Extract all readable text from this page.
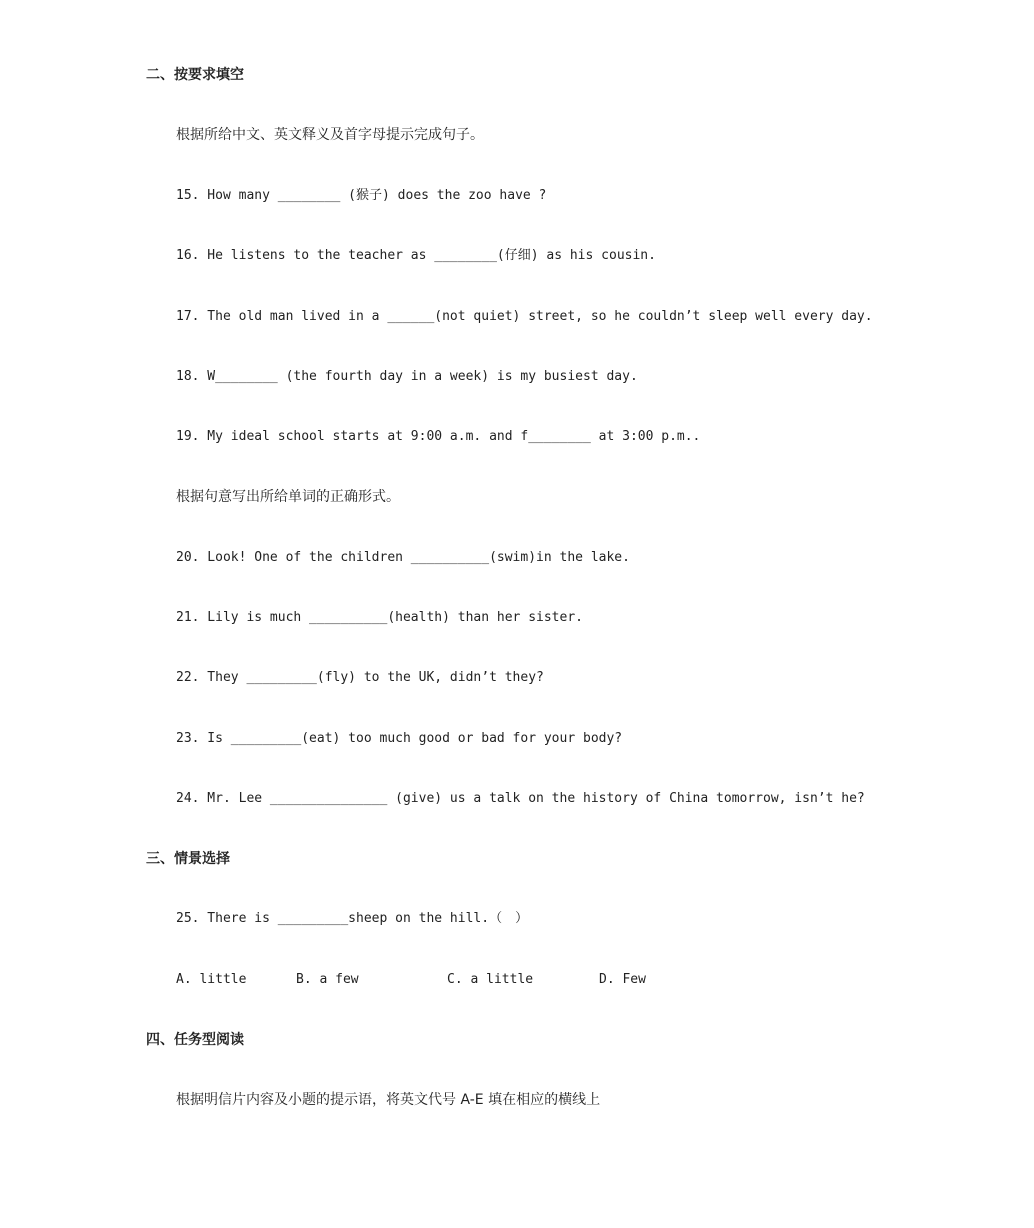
二、按要求填空
根据所给中文、英文释义及首字母提示完成句子。
15. How many ________ (猴子) does the zoo have ?
16. He listens to the teacher as ________(仔细) as his cousin.
17. The old man lived in a ______(not quiet) street, so he couldn’t sleep well every day.
18. W________ (the fourth day in a week) is my busiest day.
19. My ideal school starts at 9:00 a.m. and f________ at 3:00 p.m..
根据句意写出所给单词的正确形式。
20. Look! One of the children __________(swim)in the lake.
21. Lily is much __________(health) than her sister.
22. They _________(fly) to the UK, didn’t they?
23. Is _________(eat) too much good or bad for your body?
24. Mr. Lee _______________ (give) us a talk on the history of China tomorrow, isn’t he?
三、情景选择
25. There is _________sheep on the hill.（　）
A. little	B. a few	C. a little	D. Few
四、任务型阅读
根据明信片内容及小题的提示语，将英文代号 A-E 填在相应的横线上
